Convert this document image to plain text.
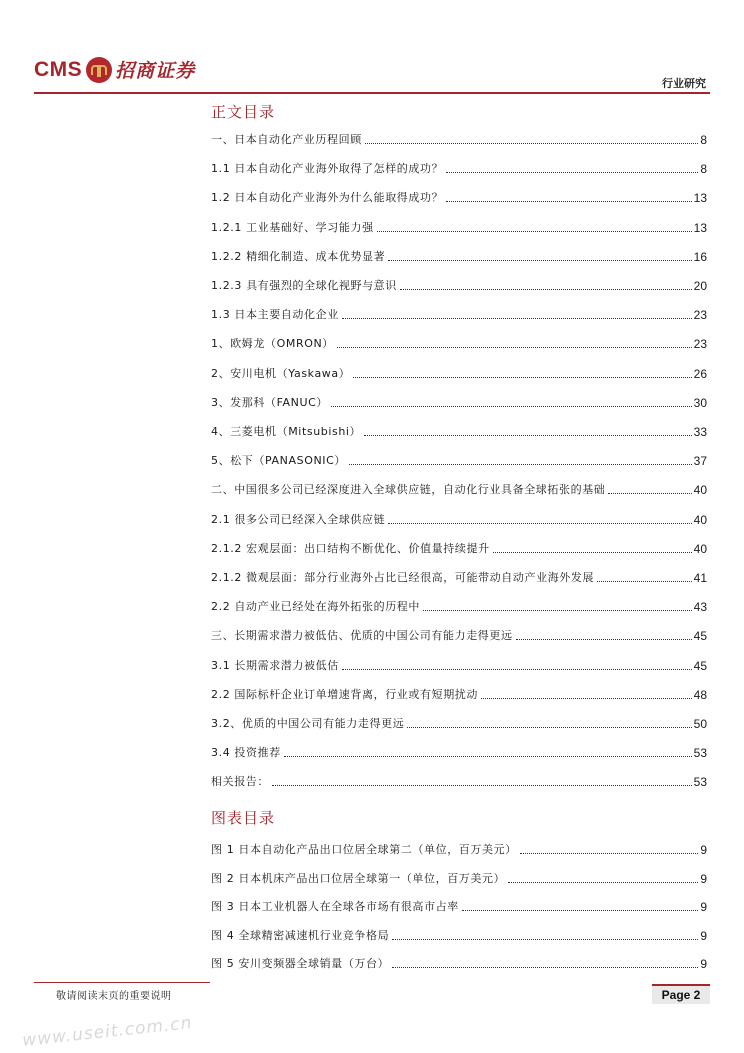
CMS 招商证券
行业研究
正文目录
一、日本自动化产业历程回顾	8
1.1 日本自动化产业海外取得了怎样的成功？	8
1.2 日本自动化产业海外为什么能取得成功？	13
1.2.1 工业基础好、学习能力强	13
1.2.2 精细化制造、成本优势显著	16
1.2.3 具有强烈的全球化视野与意识	20
1.3 日本主要自动化企业	23
1、欧姆龙（OMRON）	23
2、安川电机（Yaskawa）	26
3、发那科（FANUC）	30
4、三菱电机（Mitsubishi）	33
5、松下（PANASONIC）	37
二、中国很多公司已经深度进入全球供应链，自动化行业具备全球拓张的基础	40
2.1 很多公司已经深入全球供应链	40
2.1.2 宏观层面：出口结构不断优化、价值量持续提升	40
2.1.2 微观层面：部分行业海外占比已经很高，可能带动自动产业海外发展	41
2.2 自动产业已经处在海外拓张的历程中	43
三、长期需求潜力被低估、优质的中国公司有能力走得更远	45
3.1 长期需求潜力被低估	45
2.2 国际标杆企业订单增速背离，行业或有短期扰动	48
3.2、优质的中国公司有能力走得更远	50
3.4 投资推荐	53
相关报告：	53
图表目录
图 1 日本自动化产品出口位居全球第二（单位，百万美元）	9
图 2 日本机床产品出口位居全球第一（单位，百万美元）	9
图 3 日本工业机器人在全球各市场有很高市占率	9
图 4 全球精密减速机行业竞争格局	9
图 5 安川变频器全球销量（万台）	9
敬请阅读末页的重要说明	Page 2
www.useit.com.cn
